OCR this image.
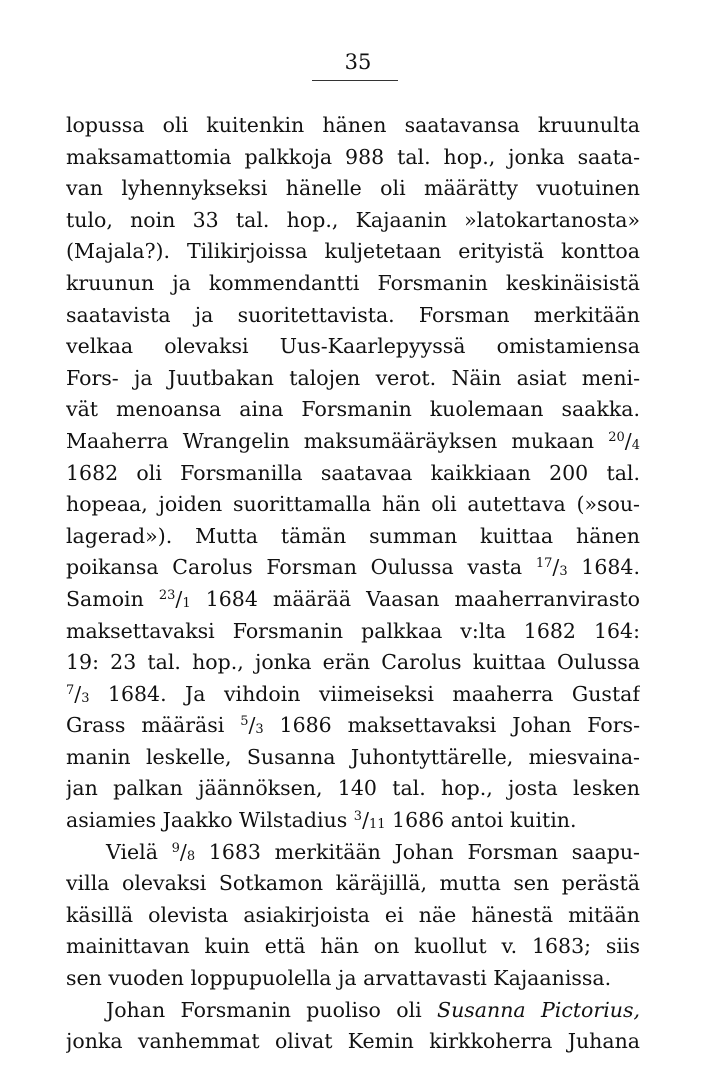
35
lopussa oli kuitenkin hänen saatavansa kruunulta
maksamattomia palkkoja 988 tal. hop., jonka saata-
van lyhennykseksi hänelle oli määrätty vuotuinen
tulo, noin 33 tal. hop., Kajaanin »latokartanosta»
(Majala?). Tilikirjoissa kuljetetaan erityistä konttoa
kruunun ja kommendantti Forsmanin keskinäisistä
saatavista ja suoritettavista. Forsman merkitään
velkaa olevaksi Uus-Kaarlepyyssä omistamiensa
Fors- ja Juutbakan talojen verot. Näin asiat meni-
vät menoansa aina Forsmanin kuolemaan saakka.
Maaherra Wrangelin maksumääräyksen mukaan $^{20}$/4
1682 oli Forsmanilla saatavaa kaikkiaan 200 tal.
hopeaa, joiden suorittamalla hän oli autettava (»sou-
lagerad»). Mutta tämän summan kuittaa hänen
poikansa Carolus Forsman Oulussa vasta $^{17}$/3 1684.
Samoin $^{23}$/1 1684 määrää Vaasan maaherranvirasto
maksettavaksi Forsmanin palkkaa v:lta 1682 164:
19: 23 tal. hop., jonka erän Carolus kuittaa Oulussa
$^7$/3 1684. Ja vihdoin viimeiseksi maaherra Gustaf
Grass määräsi $^5$/3 1686 maksettavaksi Johan Fors-
manin leskelle, Susanna Juhontyttärelle, miesvaina-
jan palkan jäännöksen, 140 tal. hop., josta lesken
asiamies Jaakko Wilstadius $^3$/11 1686 antoi kuitin.
Vielä $^9$/8 1683 merkitään Johan Forsman saapu-
villa olevaksi Sotkamon käräjillä, mutta sen perästä
käsillä olevista asiakirjoista ei näe hänestä mitään
mainittavan kuin että hän on kuollut v. 1683; siis
sen vuoden loppupuolella ja arvattavasti Kajaanissa.
Johan Forsmanin puoliso oli Susanna Pictorius,
jonka vanhemmat olivat Kemin kirkkoherra Juhana
